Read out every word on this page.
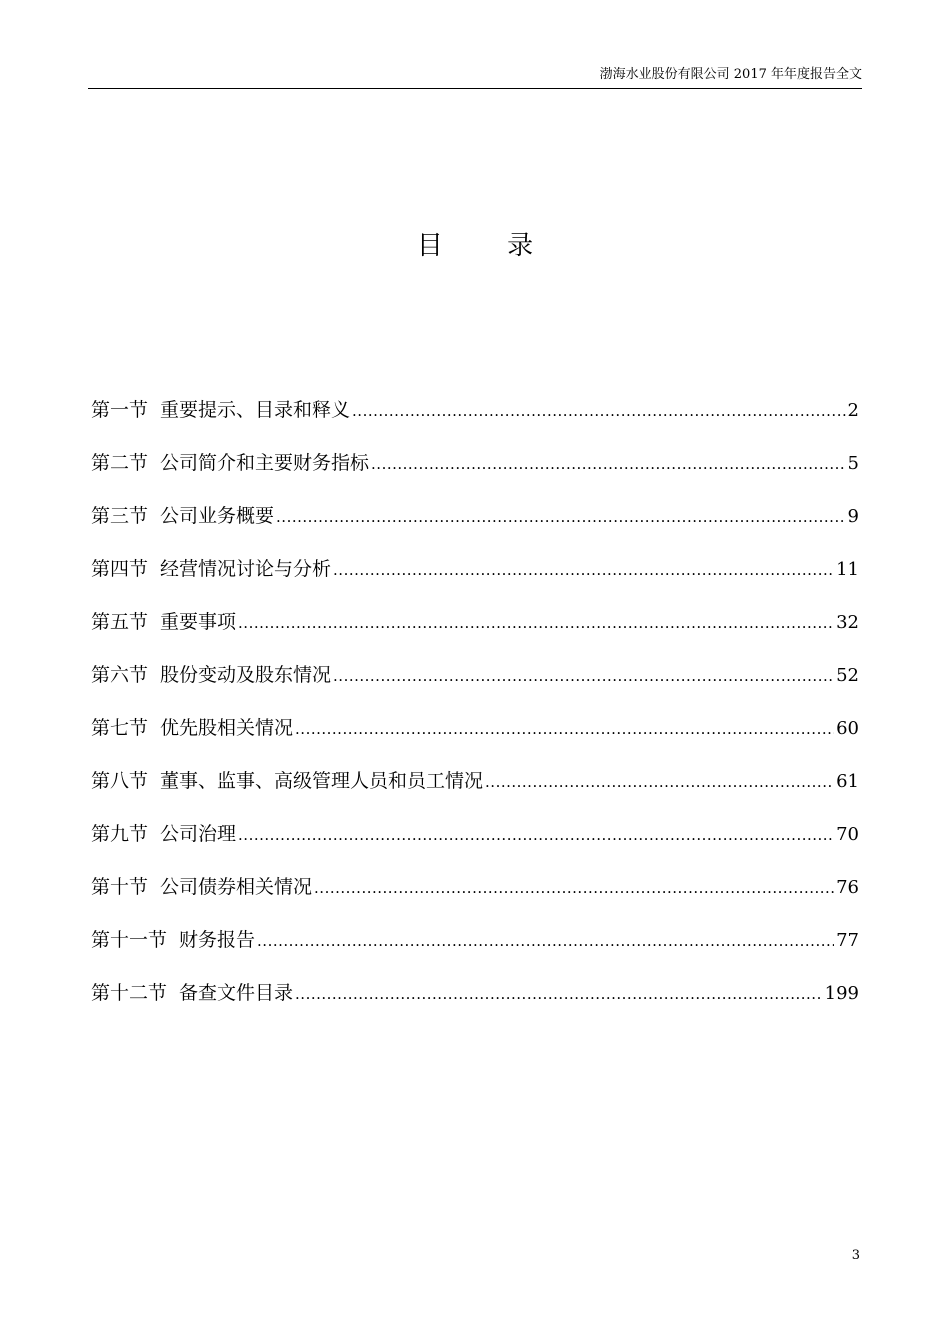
渤海水业股份有限公司 2017 年年度报告全文
目 录
第一节 重要提示、目录和释义 .....	2
第二节 公司简介和主要财务指标 .....	5
第三节 公司业务概要 .....	9
第四节 经营情况讨论与分析 .....	11
第五节 重要事项 .....	32
第六节 股份变动及股东情况 .....	52
第七节 优先股相关情况 .....	60
第八节 董事、监事、高级管理人员和员工情况 .....	61
第九节 公司治理 .....	70
第十节 公司债券相关情况 .....	76
第十一节 财务报告 .....	77
第十二节 备查文件目录 .....	199
3
